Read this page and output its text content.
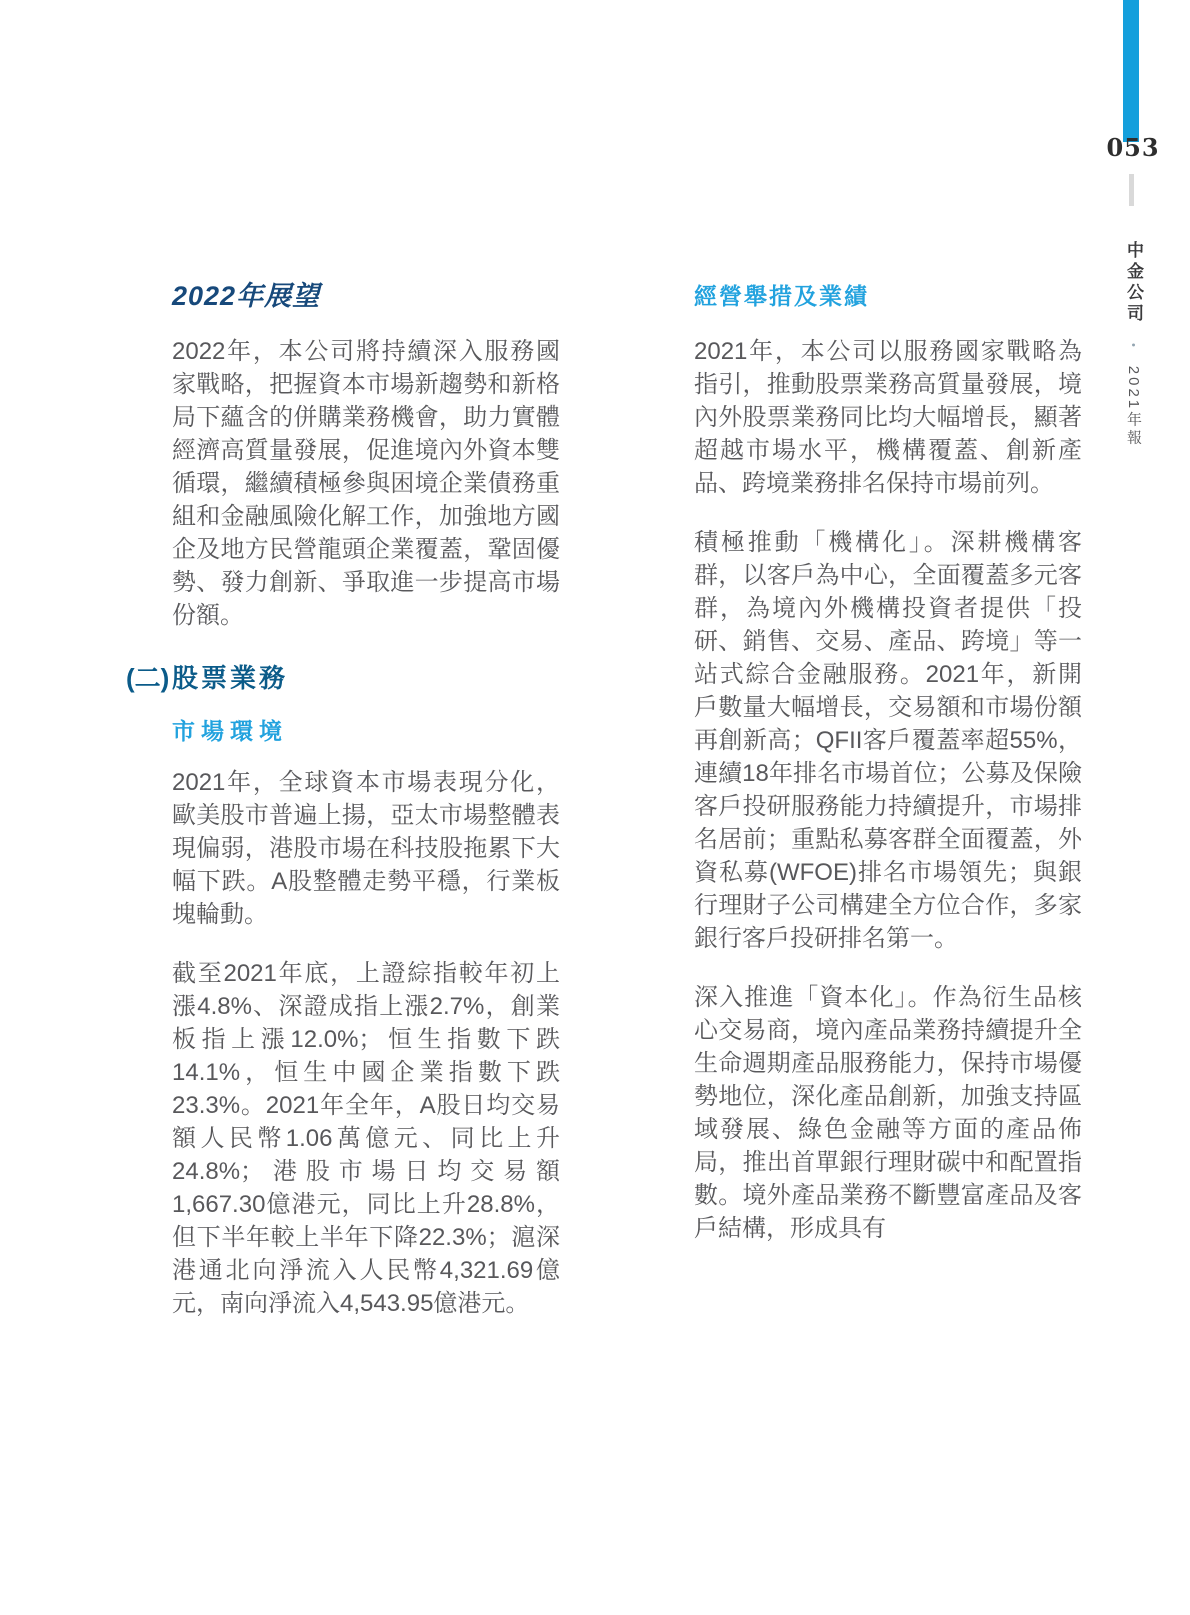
053
中金公司 • 2021年報
2022年展望

2022年，本公司將持續深入服務國家戰略，把握資本市場新趨勢和新格局下蘊含的併購業務機會，助力實體經濟高質量發展，促進境內外資本雙循環，繼續積極參與困境企業債務重組和金融風險化解工作，加強地方國企及地方民營龍頭企業覆蓋，鞏固優勢、發力創新、爭取進一步提高市場份額。

(二) 股票業務
市場環境

2021年，全球資本市場表現分化，歐美股市普遍上揚，亞太市場整體表現偏弱，港股市場在科技股拖累下大幅下跌。A股整體走勢平穩，行業板塊輪動。

截至2021年底，上證綜指較年初上漲4.8%、深證成指上漲2.7%，創業板指上漲12.0%；恒生指數下跌14.1%，恒生中國企業指數下跌23.3%。2021年全年，A股日均交易額人民幣1.06萬億元、同比上升24.8%；港股市場日均交易額1,667.30億港元，同比上升28.8%，但下半年較上半年下降22.3%；滬深港通北向淨流入人民幣4,321.69億元，南向淨流入4,543.95億港元。

經營舉措及業績

2021年，本公司以服務國家戰略為指引，推動股票業務高質量發展，境內外股票業務同比均大幅增長，顯著超越市場水平，機構覆蓋、創新產品、跨境業務排名保持市場前列。

積極推動「機構化」。深耕機構客群，以客戶為中心，全面覆蓋多元客群，為境內外機構投資者提供「投研、銷售、交易、產品、跨境」等一站式綜合金融服務。2021年，新開戶數量大幅增長，交易額和市場份額再創新高；QFII客戶覆蓋率超55%，連續18年排名市場首位；公募及保險客戶投研服務能力持續提升，市場排名居前；重點私募客群全面覆蓋，外資私募(WFOE)排名市場領先；與銀行理財子公司構建全方位合作，多家銀行客戶投研排名第一。

深入推進「資本化」。作為衍生品核心交易商，境內產品業務持續提升全生命週期產品服務能力，保持市場優勢地位，深化產品創新，加強支持區域發展、綠色金融等方面的產品佈局，推出首單銀行理財碳中和配置指數。境外產品業務不斷豐富產品及客戶結構，形成具有
